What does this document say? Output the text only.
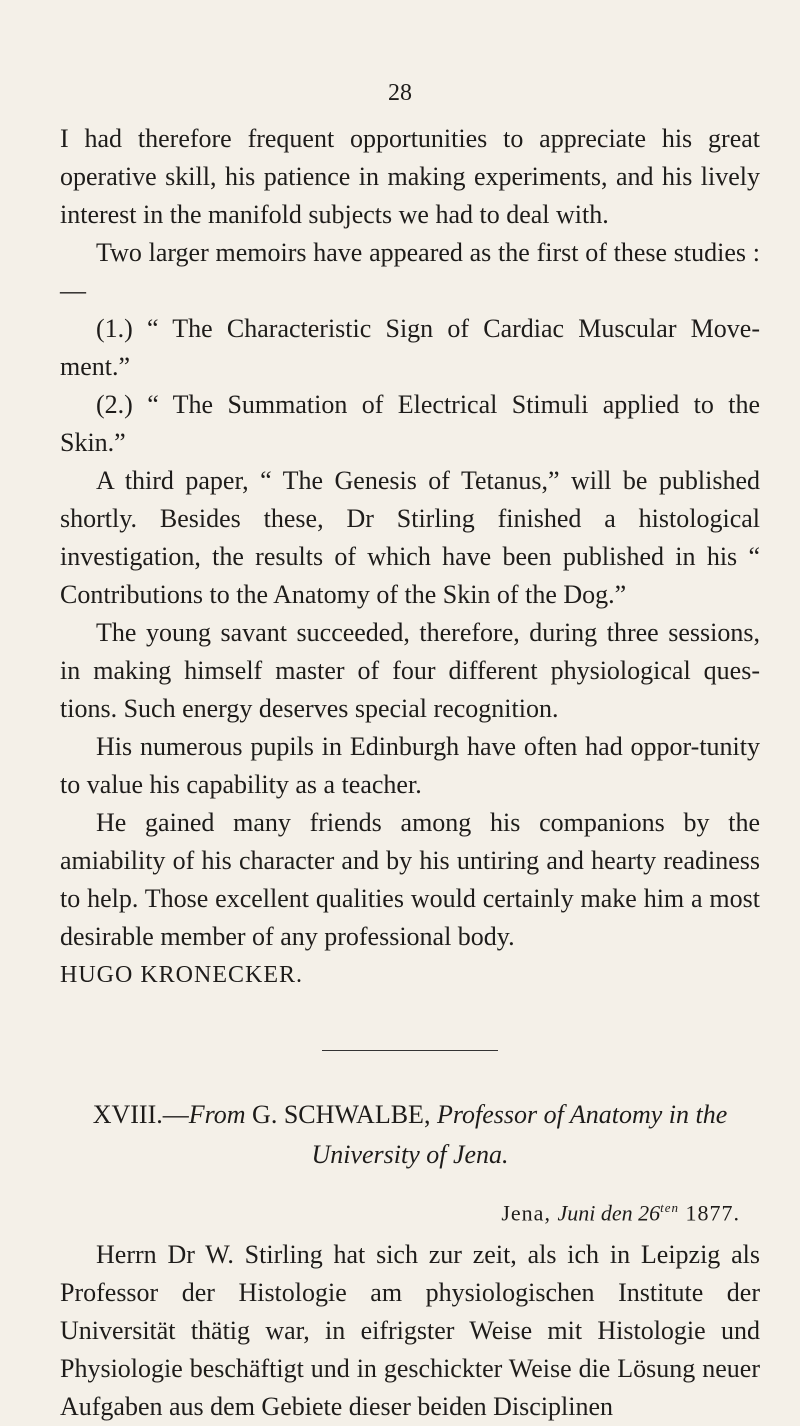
28

I had therefore frequent opportunities to appreciate his great operative skill, his patience in making experiments, and his lively interest in the manifold subjects we had to deal with.

Two larger memoirs have appeared as the first of these studies :—

(1.) “ The Characteristic Sign of Cardiac Muscular Move-ment.”

(2.) “ The Summation of Electrical Stimuli applied to the Skin.”

A third paper, “ The Genesis of Tetanus,” will be published shortly. Besides these, Dr Stirling finished a histological investigation, the results of which have been published in his “ Contributions to the Anatomy of the Skin of the Dog.”

The young savant succeeded, therefore, during three sessions, in making himself master of four different physiological ques-tions. Such energy deserves special recognition.

His numerous pupils in Edinburgh have often had oppor-tunity to value his capability as a teacher.

He gained many friends among his companions by the amiability of his character and by his untiring and hearty readiness to help. Those excellent qualities would certainly make him a most desirable member of any professional body.

HUGO KRONECKER.

XVIII.—From G. SCHWALBE, Professor of Anatomy in the
University of Jena.
Jena, Juni den $26^{ten}$ 1877.

Herrn Dr W. Stirling hat sich zur zeit, als ich in Leipzig als Professor der Histologie am physiologischen Institute der Universität thätig war, in eifrigster Weise mit Histologie und Physiologie beschäftigt und in geschickter Weise die Lösung neuer Aufgaben aus dem Gebiete dieser beiden Disciplinen
